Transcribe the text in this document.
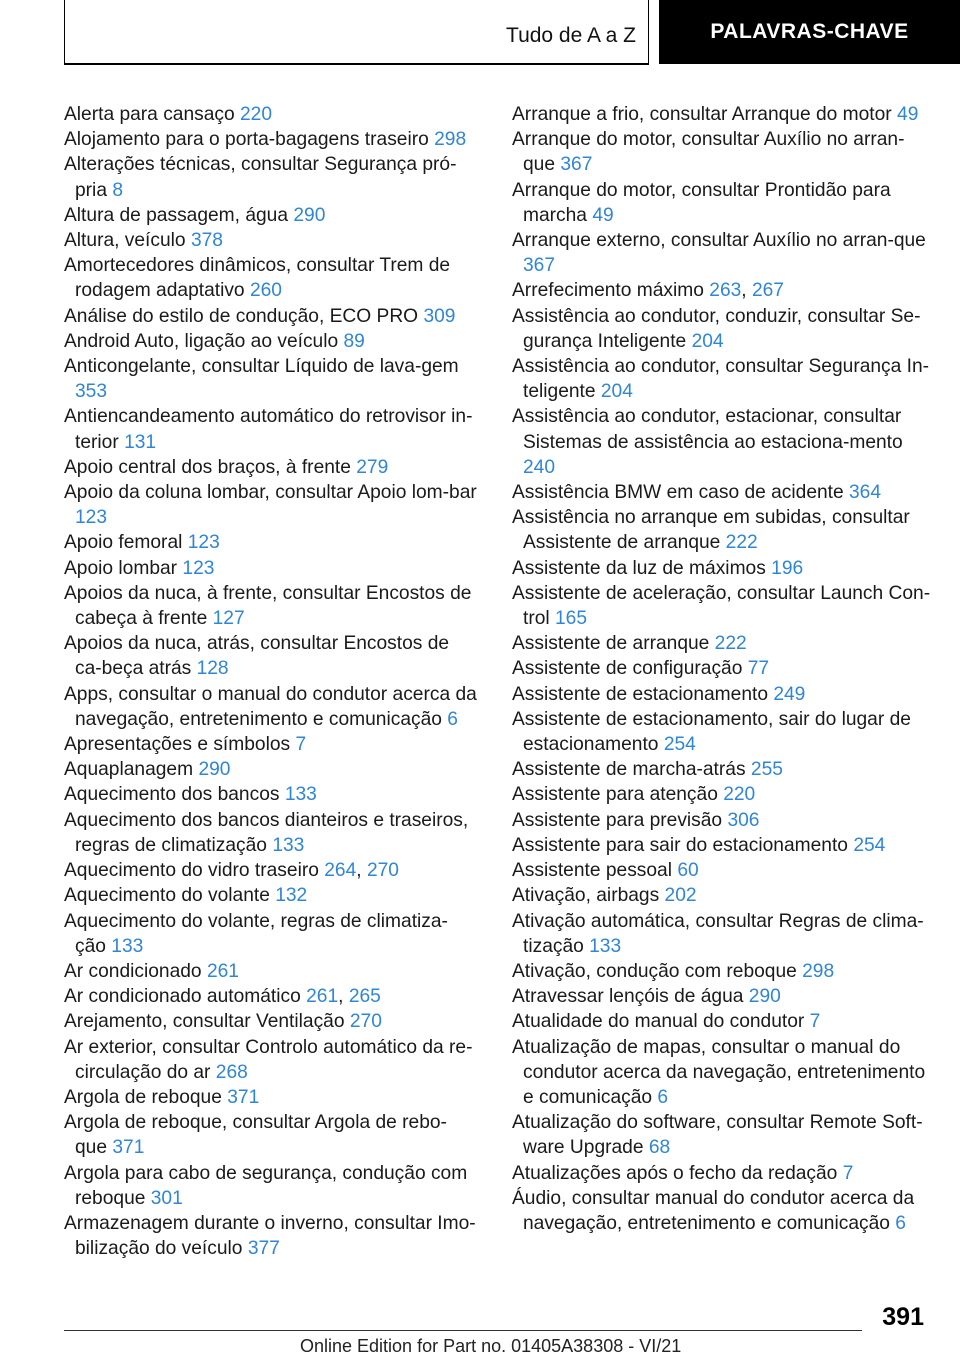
Tudo de A a Z	PALAVRAS-CHAVE
Alerta para cansaço 220
Alojamento para o porta-bagagens traseiro 298
Alterações técnicas, consultar Segurança pró-pria 8
Altura de passagem, água 290
Altura, veículo 378
Amortecedores dinâmicos, consultar Trem de rodagem adaptativo 260
Análise do estilo de condução, ECO PRO 309
Android Auto, ligação ao veículo 89
Anticongelante, consultar Líquido de lava-gem 353
Antiencandeamento automático do retrovisor in-terior 131
Apoio central dos braços, à frente 279
Apoio da coluna lombar, consultar Apoio lom-bar 123
Apoio femoral 123
Apoio lombar 123
Apoios da nuca, à frente, consultar Encostos de cabeça à frente 127
Apoios da nuca, atrás, consultar Encostos de ca-beça atrás 128
Apps, consultar o manual do condutor acerca da navegação, entretenimento e comunicação 6
Apresentações e símbolos 7
Aquaplanagem 290
Aquecimento dos bancos 133
Aquecimento dos bancos dianteiros e traseiros, regras de climatização 133
Aquecimento do vidro traseiro 264, 270
Aquecimento do volante 132
Aquecimento do volante, regras de climatiza-ção 133
Ar condicionado 261
Ar condicionado automático 261, 265
Arejamento, consultar Ventilação 270
Ar exterior, consultar Controlo automático da re-circulação do ar 268
Argola de reboque 371
Argola de reboque, consultar Argola de rebo-que 371
Argola para cabo de segurança, condução com reboque 301
Armazenagem durante o inverno, consultar Imo-bilização do veículo 377
Arranque a frio, consultar Arranque do motor 49
Arranque do motor, consultar Auxílio no arran-que 367
Arranque do motor, consultar Prontidão para marcha 49
Arranque externo, consultar Auxílio no arran-que 367
Arrefecimento máximo 263, 267
Assistência ao condutor, conduzir, consultar Se-gurança Inteligente 204
Assistência ao condutor, consultar Segurança In-teligente 204
Assistência ao condutor, estacionar, consultar Sistemas de assistência ao estaciona-mento 240
Assistência BMW em caso de acidente 364
Assistência no arranque em subidas, consultar Assistente de arranque 222
Assistente da luz de máximos 196
Assistente de aceleração, consultar Launch Con-trol 165
Assistente de arranque 222
Assistente de configuração 77
Assistente de estacionamento 249
Assistente de estacionamento, sair do lugar de estacionamento 254
Assistente de marcha-atrás 255
Assistente para atenção 220
Assistente para previsão 306
Assistente para sair do estacionamento 254
Assistente pessoal 60
Ativação, airbags 202
Ativação automática, consultar Regras de clima-tização 133
Ativação, condução com reboque 298
Atravessar lençóis de água 290
Atualidade do manual do condutor 7
Atualização de mapas, consultar o manual do condutor acerca da navegação, entretenimento e comunicação 6
Atualização do software, consultar Remote Soft-ware Upgrade 68
Atualizações após o fecho da redação 7
Áudio, consultar manual do condutor acerca da navegação, entretenimento e comunicação 6
391
Online Edition for Part no. 01405A38308 - VI/21
